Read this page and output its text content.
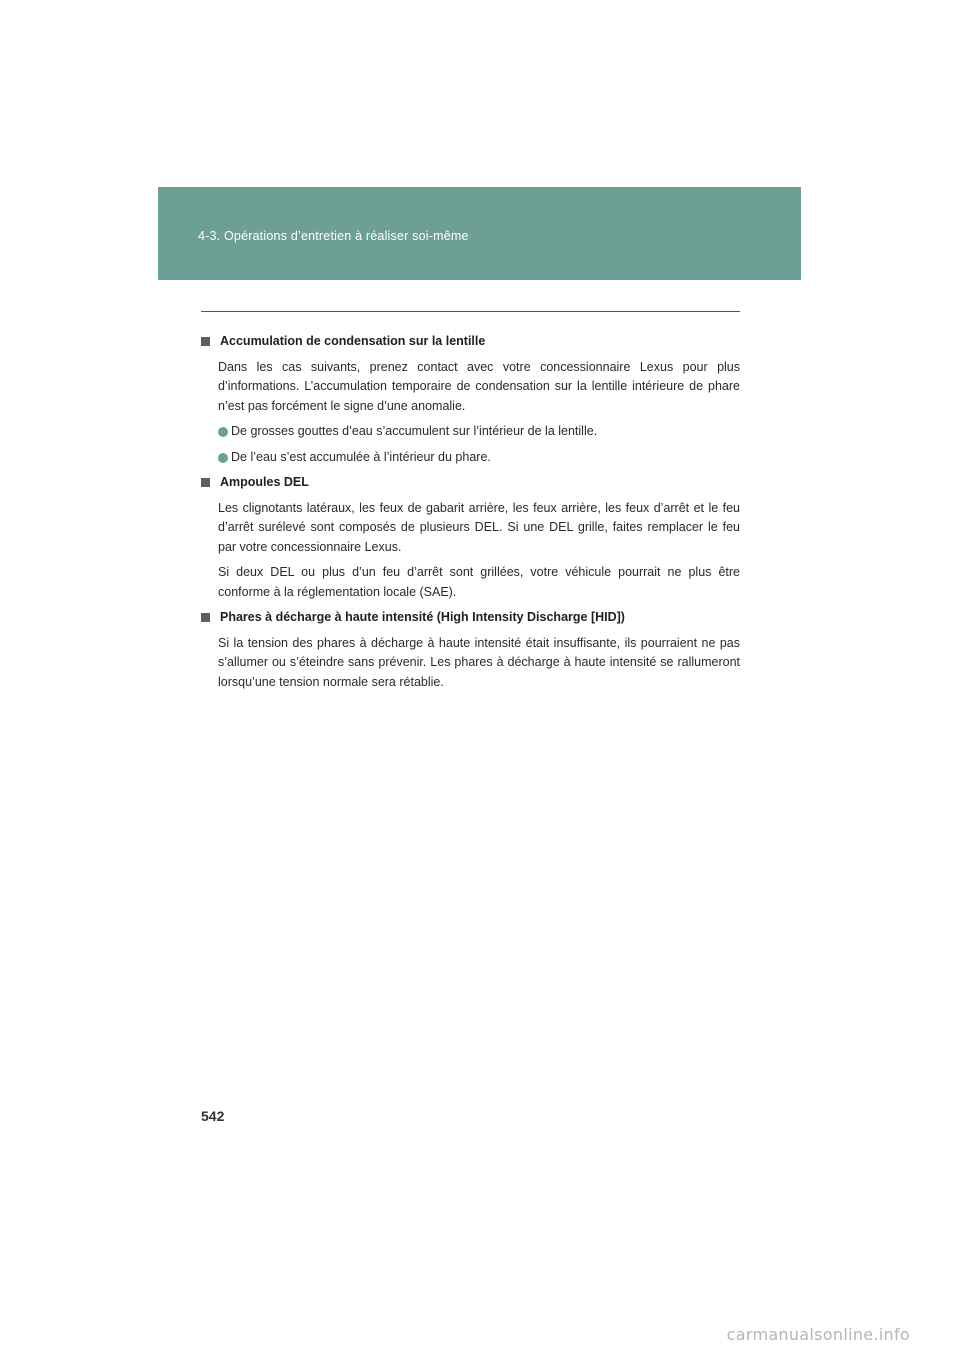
4-3. Opérations d’entretien à réaliser soi-même
Accumulation de condensation sur la lentille

Dans les cas suivants, prenez contact avec votre concessionnaire Lexus pour plus d’informations. L’accumulation temporaire de condensation sur la lentille intérieure de phare n’est pas forcément le signe d’une anomalie.

De grosses gouttes d’eau s’accumulent sur l’intérieur de la lentille.
De l’eau s’est accumulée à l’intérieur du phare.
Ampoules DEL

Les clignotants latéraux, les feux de gabarit arrière, les feux arrière, les feux d’arrêt et le feu d’arrêt surélevé sont composés de plusieurs DEL. Si une DEL grille, faites remplacer le feu par votre concessionnaire Lexus.

Si deux DEL ou plus d’un feu d’arrêt sont grillées, votre véhicule pourrait ne plus être conforme à la réglementation locale (SAE).

Phares à décharge à haute intensité (High Intensity Discharge [HID])

Si la tension des phares à décharge à haute intensité était insuffisante, ils pourraient ne pas s’allumer ou s’éteindre sans prévenir. Les phares à décharge à haute intensité se rallumeront lorsqu’une tension normale sera rétablie.

542
carmanualsonline.info
